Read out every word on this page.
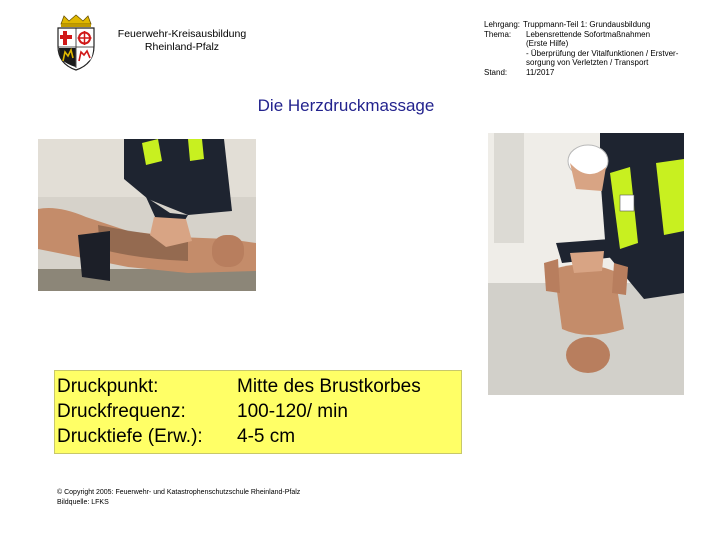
Feuerwehr-Kreisausbildung
Rheinland-Pfalz
Lehrgang: Truppmann-Teil 1: Grundausbildung
Thema:	Lebensrettende Sofortmaßnahmen
(Erste Hilfe)
- Überprüfung der Vitalfunktionen / Erstver-
sorgung von Verletzten / Transport
Stand:	11/2017
Die Herzdruckmassage
Druckpunkt:	Mitte des Brustkorbes
Druckfrequenz:	100-120/ min
Drucktiefe (Erw.):	4-5 cm
© Copyright 2005: Feuerwehr- und Katastrophenschutzschule Rheinland-Pfalz
Bildquelle: LFKS
